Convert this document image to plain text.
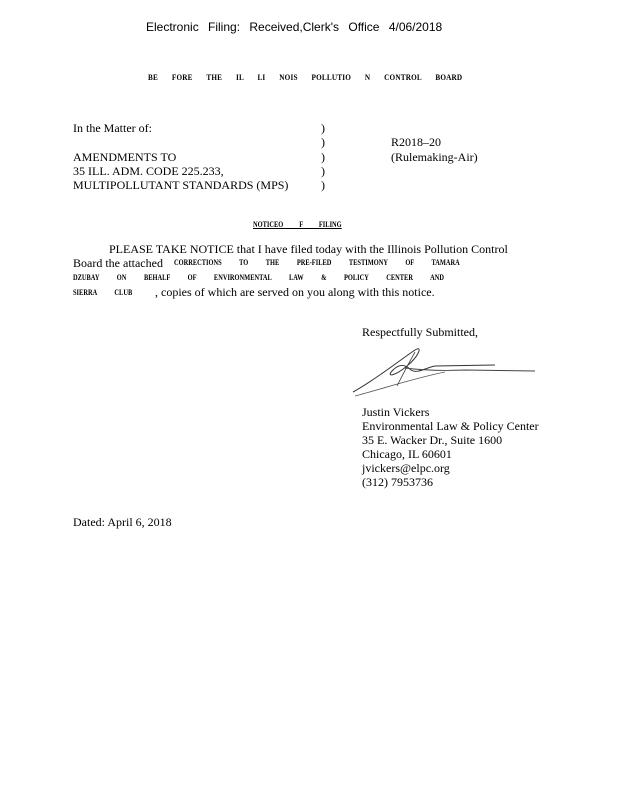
Electronic Filing: Received,Clerk's Office 4/06/2018
BE FORE THE IL LI NOIS POLLUTIO N CONTROL BOARD
In the Matter of:
AMENDMENTS TO
35 ILL. ADM. CODE 225.233,
MULTIPOLLUTANT STANDARDS (MPS)
)
)
)
)
)
R2018–20
(Rulemaking-Air)
NOTICEO F FILING
PLEASE TAKE NOTICE that I have filed today with the Illinois Pollution Control
Board the attached CORRECTIONS TO THE PRE-FILED TESTIMONY OF TAMARA
DZUBAY ON BEHALF OF ENVIRONMENTAL LAW & POLICY CENTER AND
SIERRA CLUB , copies of which are served on you along with this notice.
Respectfully Submitted,
Justin Vickers
Environmental Law & Policy Center
35 E. Wacker Dr., Suite 1600
Chicago, IL 60601
jvickers@elpc.org
(312) 7953736
Dated: April 6, 2018
